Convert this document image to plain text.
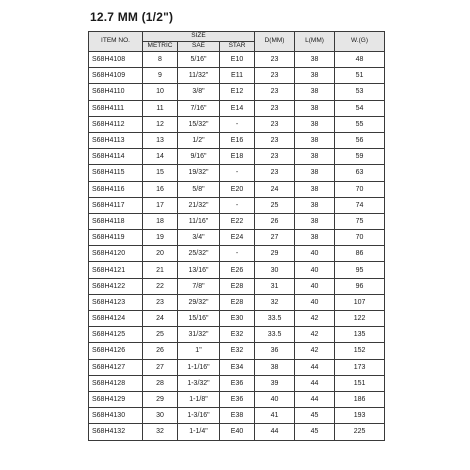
12.7 MM (1/2")
ITEM NO.	SIZE			D(MM)	L(MM)	W.(G)
	METRIC	SAE	STAR			
S68H4108	8	5/16"	E10	23	38	48
S68H4109	9	11/32"	E11	23	38	51
S68H4110	10	3/8"	E12	23	38	53
S68H4111	11	7/16"	E14	23	38	54
S68H4112	12	15/32"	-	23	38	55
S68H4113	13	1/2"	E16	23	38	56
S68H4114	14	9/16"	E18	23	38	59
S68H4115	15	19/32"	-	23	38	63
S68H4116	16	5/8"	E20	24	38	70
S68H4117	17	21/32"	-	25	38	74
S68H4118	18	11/16"	E22	26	38	75
S68H4119	19	3/4"	E24	27	38	70
S68H4120	20	25/32"	-	29	40	86
S68H4121	21	13/16"	E26	30	40	95
S68H4122	22	7/8"	E28	31	40	96
S68H4123	23	29/32"	E28	32	40	107
S68H4124	24	15/16"	E30	33.5	42	122
S68H4125	25	31/32"	E32	33.5	42	135
S68H4126	26	1"	E32	36	42	152
S68H4127	27	1-1/16"	E34	38	44	173
S68H4128	28	1-3/32"	E36	39	44	151
S68H4129	29	1-1/8"	E36	40	44	186
S68H4130	30	1-3/16"	E38	41	45	193
S68H4132	32	1-1/4"	E40	44	45	225
